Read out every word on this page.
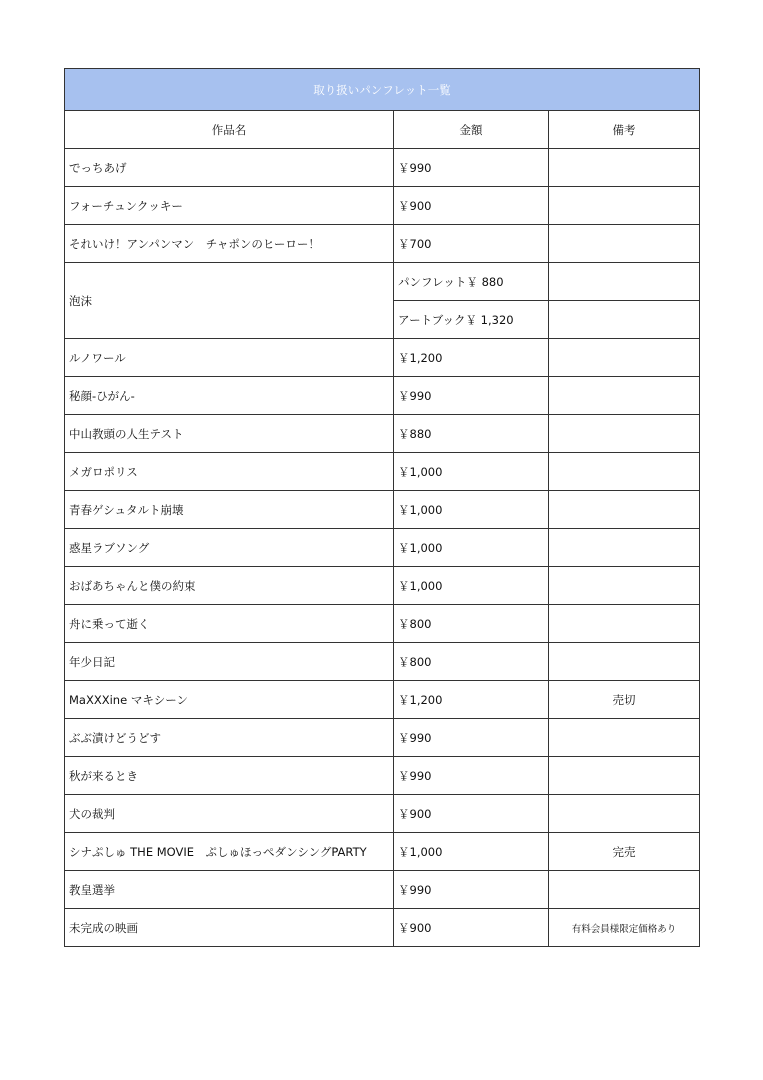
取り扱いパンフレット一覧		
作品名	金額	備考
でっちあげ	￥990	
フォーチュンクッキー	￥900	
それいけ！アンパンマン　チャポンのヒーロー！	￥700	
泡沫	パンフレット￥ 880	
	アートブック￥ 1,320	
ルノワール	￥1,200	
秘顔-ひがん-	￥990	
中山教頭の人生テスト	￥880	
メガロポリス	￥1,000	
青春ゲシュタルト崩壊	￥1,000	
惑星ラブソング	￥1,000	
おばあちゃんと僕の約束	￥1,000	
舟に乗って逝く	￥800	
年少日記	￥800	
MaXXXine マキシーン	￥1,200	売切
ぶぶ漬けどうどす	￥990	
秋が来るとき	￥990	
犬の裁判	￥900	
シナぷしゅ THE MOVIE　ぷしゅほっぺダンシングPARTY	￥1,000	完売
教皇選挙	￥990	
未完成の映画	￥900	有料会員様限定価格あり
